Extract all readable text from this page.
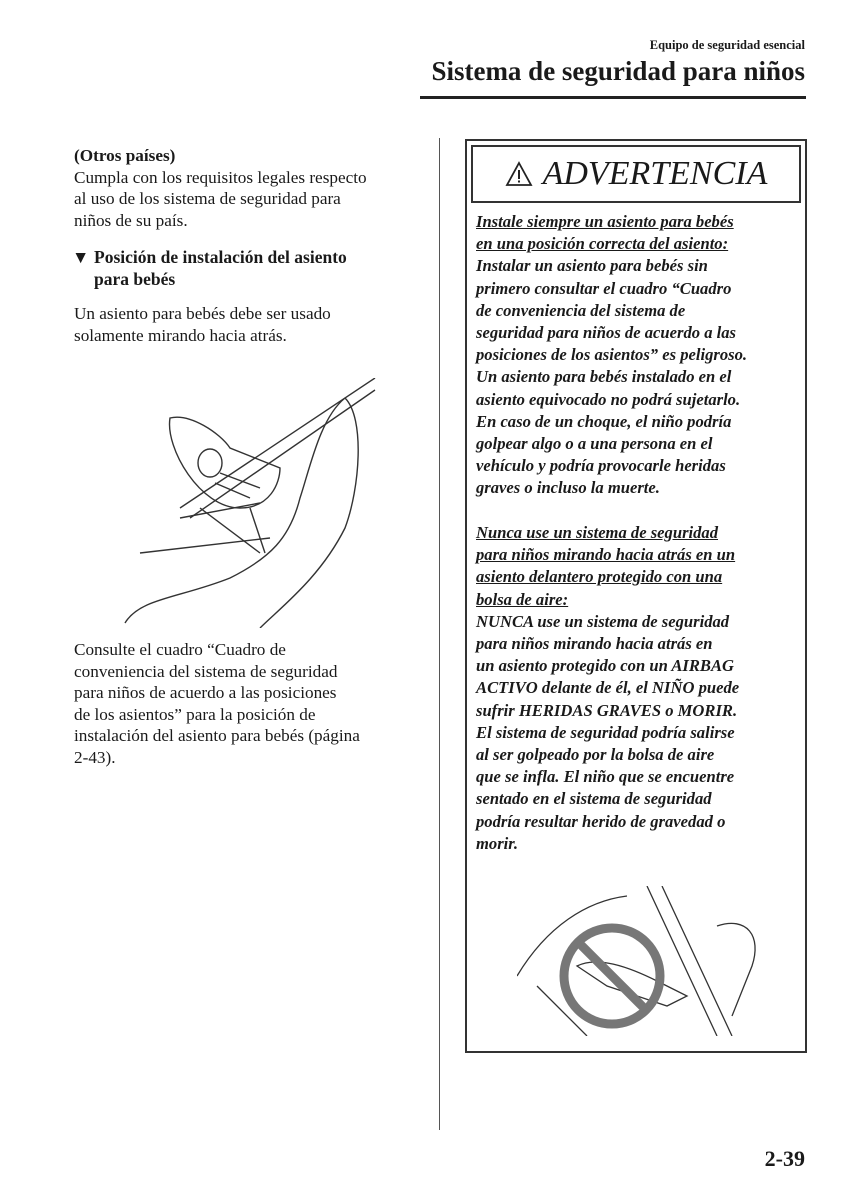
Equipo de seguridad esencial
Sistema de seguridad para niños
(Otros países)
Cumpla con los requisitos legales respecto
al uso de los sistema de seguridad para
niños de su país.
▼ Posición de instalación del asiento
para bebés
Un asiento para bebés debe ser usado
solamente mirando hacia atrás.
Consulte el cuadro “Cuadro de
conveniencia del sistema de seguridad
para niños de acuerdo a las posiciones
de los asientos” para la posición de
instalación del asiento para bebés (página
2-43).
ADVERTENCIA
Instale siempre un asiento para bebés
en una posición correcta del asiento:
Instalar un asiento para bebés sin
primero consultar el cuadro “Cuadro
de conveniencia del sistema de
seguridad para niños de acuerdo a las
posiciones de los asientos” es peligroso.
Un asiento para bebés instalado en el
asiento equivocado no podrá sujetarlo.
En caso de un choque, el niño podría
golpear algo o a una persona en el
vehículo y podría provocarle heridas
graves o incluso la muerte.
Nunca use un sistema de seguridad
para niños mirando hacia atrás en un
asiento delantero protegido con una
bolsa de aire:
NUNCA use un sistema de seguridad
para niños mirando hacia atrás en
un asiento protegido con un AIRBAG
ACTIVO delante de él, el NIÑO puede
sufrir HERIDAS GRAVES o MORIR.
El sistema de seguridad podría salirse
al ser golpeado por la bolsa de aire
que se infla. El niño que se encuentre
sentado en el sistema de seguridad
podría resultar herido de gravedad o
morir.
2-39
